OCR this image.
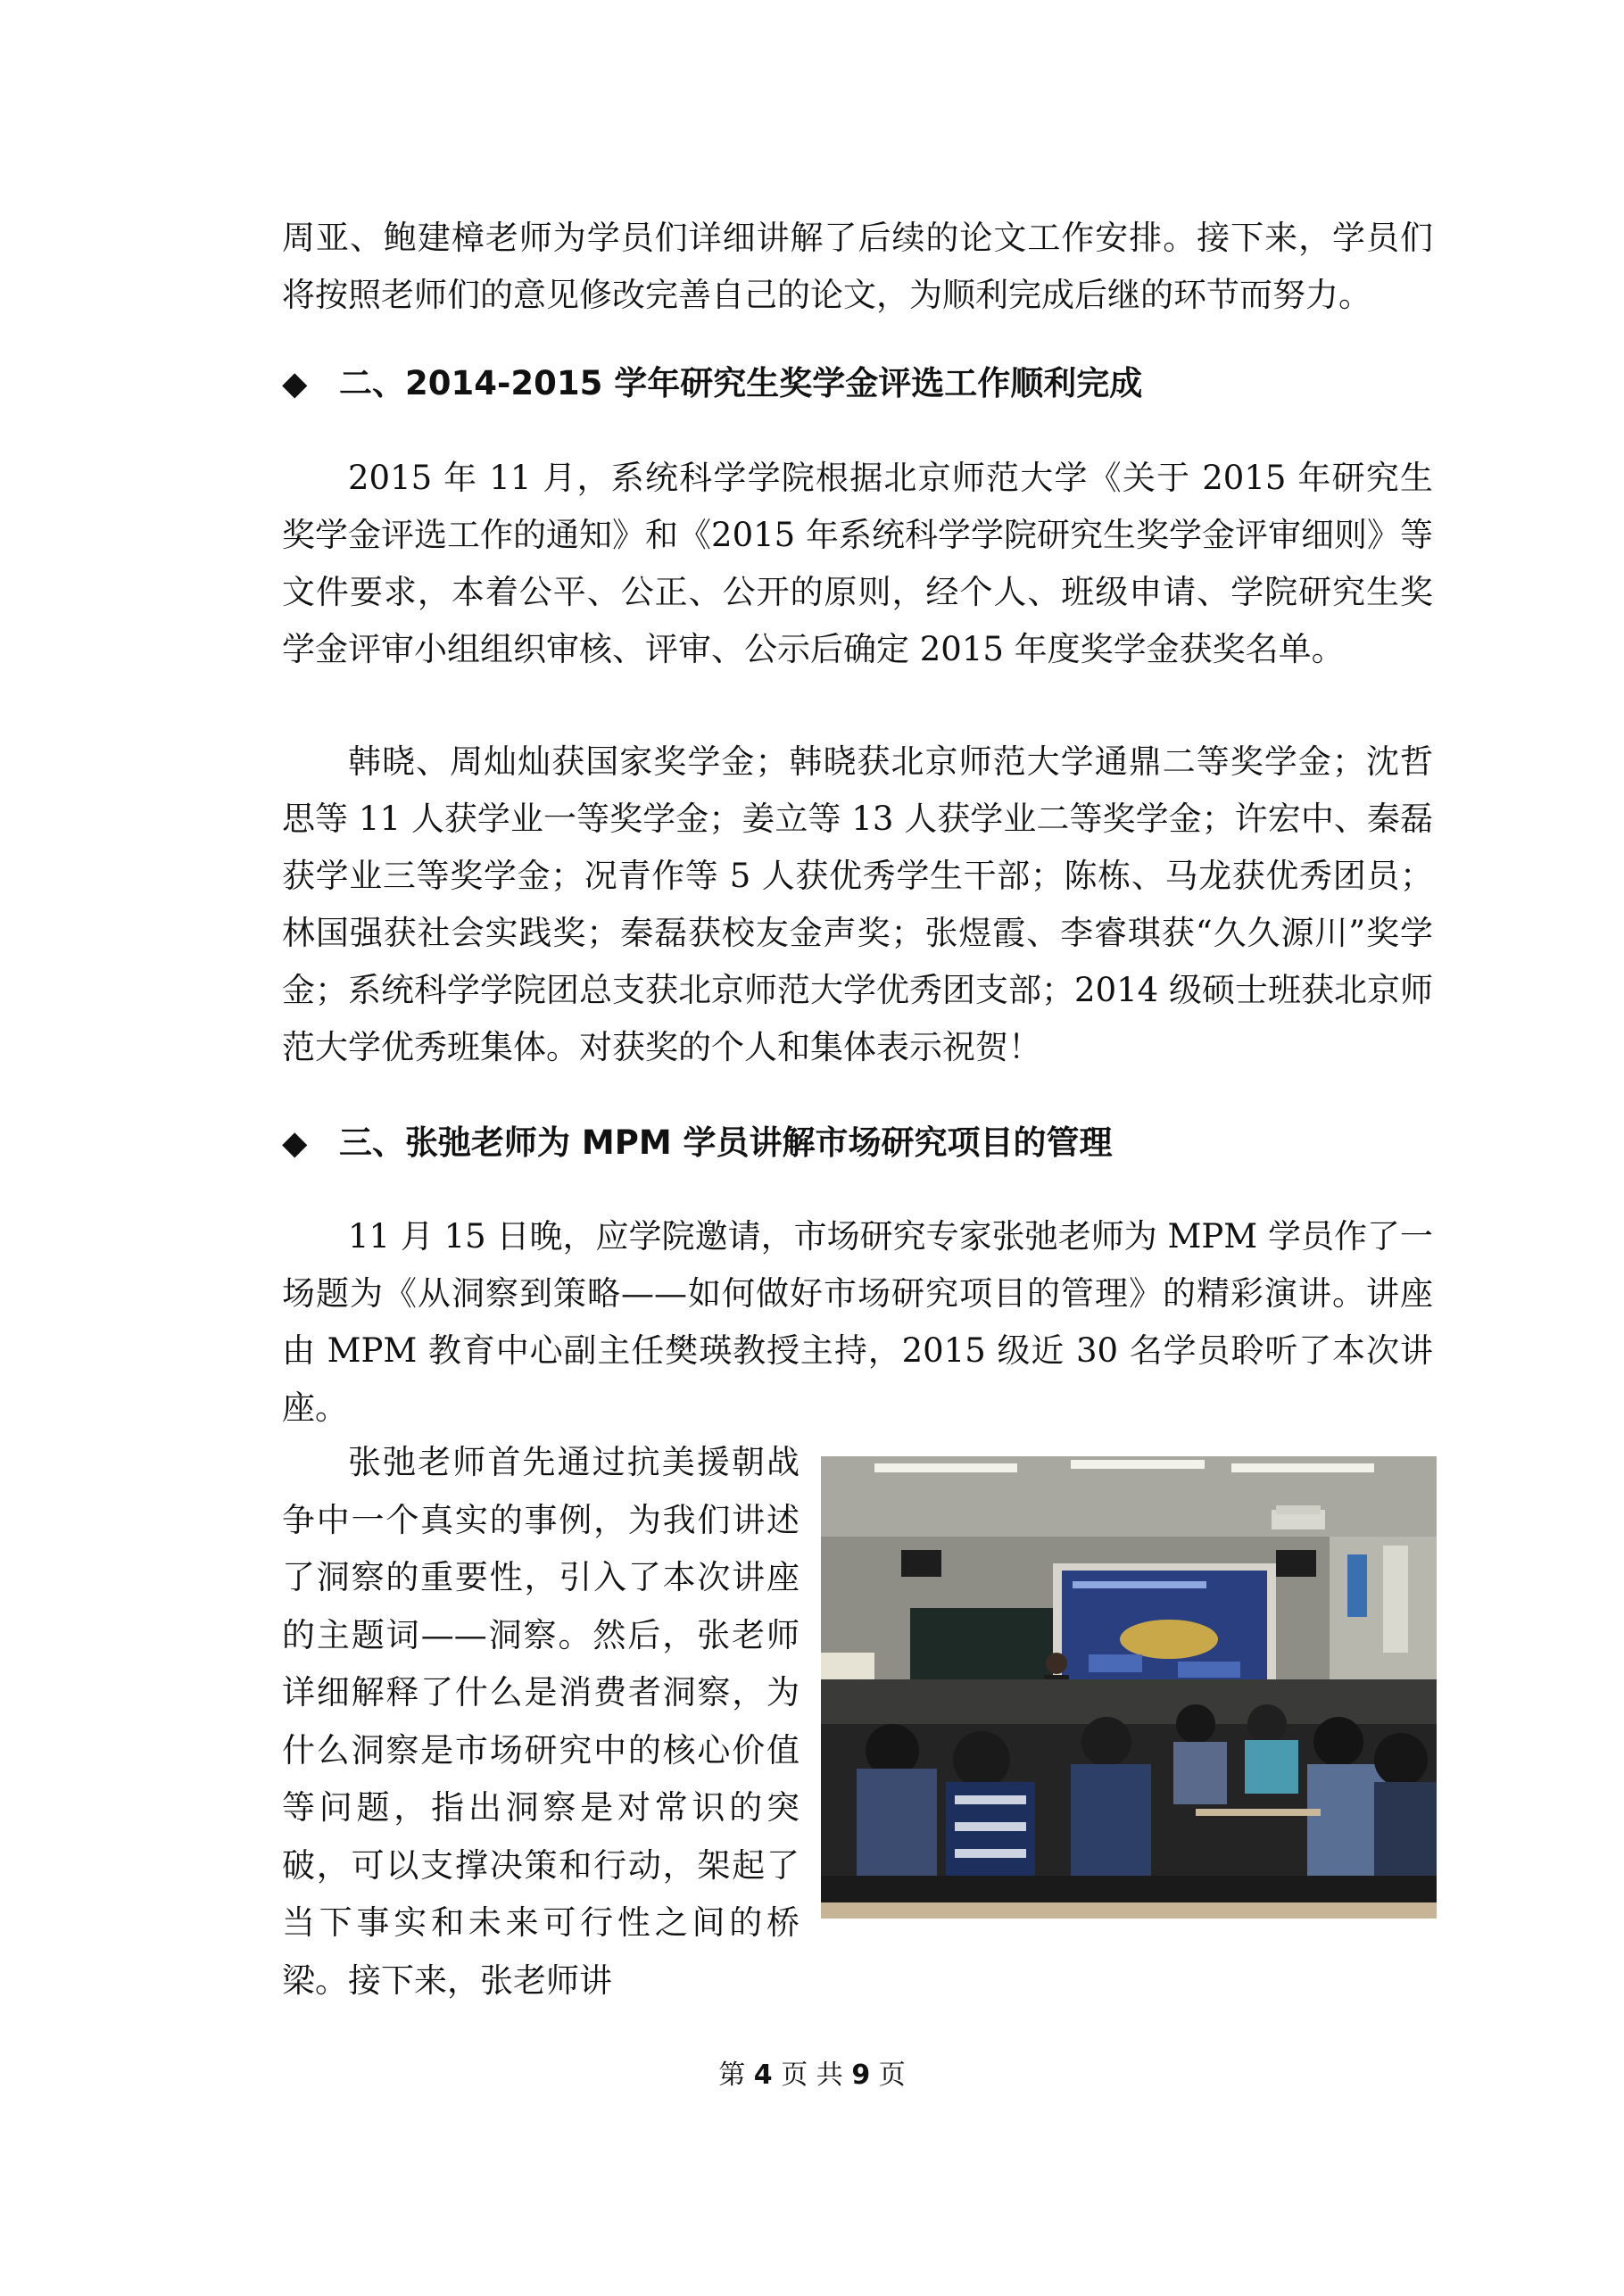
周亚、鲍建樟老师为学员们详细讲解了后续的论文工作安排。接下来，学员们将按照老师们的意见修改完善自己的论文，为顺利完成后继的环节而努力。

◆ 二、2014-2015 学年研究生奖学金评选工作顺利完成

2015 年 11 月，系统科学学院根据北京师范大学《关于 2015 年研究生奖学金评选工作的通知》和《2015 年系统科学学院研究生奖学金评审细则》等文件要求，本着公平、公正、公开的原则，经个人、班级申请、学院研究生奖学金评审小组组织审核、评审、公示后确定 2015 年度奖学金获奖名单。

韩晓、周灿灿获国家奖学金；韩晓获北京师范大学通鼎二等奖学金；沈哲思等 11 人获学业一等奖学金；姜立等 13 人获学业二等奖学金；许宏中、秦磊获学业三等奖学金；况青作等 5 人获优秀学生干部；陈栋、马龙获优秀团员；林国强获社会实践奖；秦磊获校友金声奖；张煜霞、李睿琪获“久久源川”奖学金；系统科学学院团总支获北京师范大学优秀团支部；2014 级硕士班获北京师范大学优秀班集体。对获奖的个人和集体表示祝贺！

◆ 三、张弛老师为 MPM 学员讲解市场研究项目的管理

11 月 15 日晚，应学院邀请，市场研究专家张弛老师为 MPM 学员作了一场题为《从洞察到策略——如何做好市场研究项目的管理》的精彩演讲。讲座由 MPM 教育中心副主任樊瑛教授主持，2015 级近 30 名学员聆听了本次讲座。

张弛老师首先通过抗美援朝战争中一个真实的事例，为我们讲述了洞察的重要性，引入了本次讲座的主题词——洞察。然后，张老师详细解释了什么是消费者洞察，为什么洞察是市场研究中的核心价值等问题，指出洞察是对常识的突破，可以支撑决策和行动，架起了当下事实和未来可行性之间的桥梁。接下来，张老师讲

第 4 页 共 9 页
